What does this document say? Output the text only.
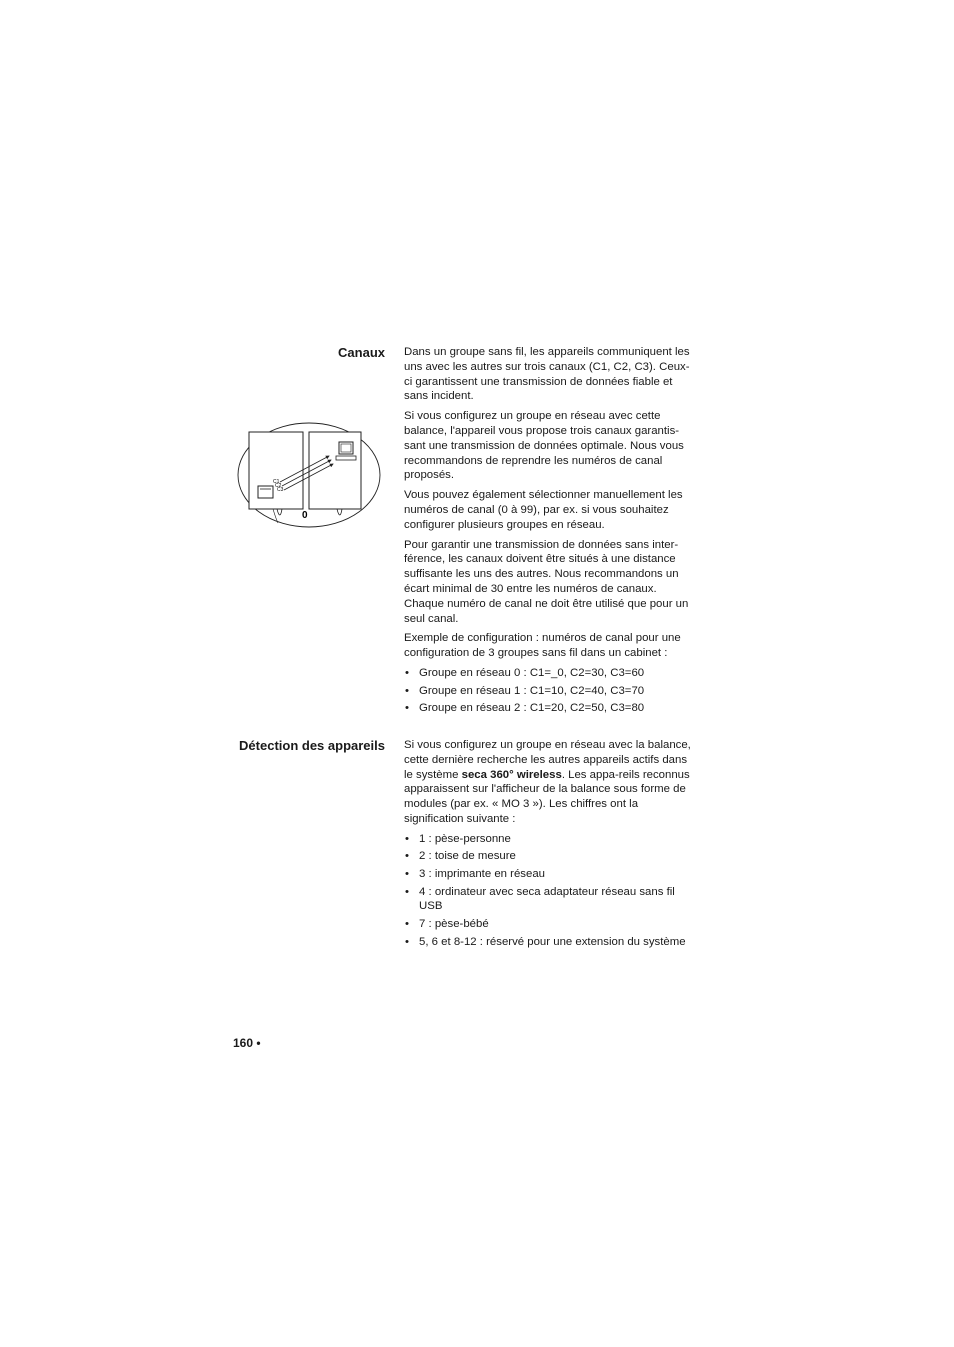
Canaux Dans un groupe sans fil, les appareils communiquent les uns avec les autres sur trois canaux (C1, C2, C3). Ceux-ci garantissent une transmission de données fiable et sans incident.

Si vous configurez un groupe en réseau avec cette balance, l'appareil vous propose trois canaux garantis-sant une transmission de données optimale. Nous vous recommandons de reprendre les numéros de canal proposés.

Vous pouvez également sélectionner manuellement les numéros de canal (0 à 99), par ex. si vous souhaitez configurer plusieurs groupes en réseau.

Pour garantir une transmission de données sans inter-férence, les canaux doivent être situés à une distance suffisante les uns des autres. Nous recommandons un écart minimal de 30 entre les numéros de canaux. Chaque numéro de canal ne doit être utilisé que pour un seul canal.

Exemple de configuration : numéros de canal pour une configuration de 3 groupes sans fil dans un cabinet :

• Groupe en réseau 0 : C1=_0, C2=30, C3=60
• Groupe en réseau 1 : C1=10, C2=40, C3=70
• Groupe en réseau 2 : C1=20, C2=50, C3=80
C1
C2
C3
0
Détection des appareils Si vous configurez un groupe en réseau avec la balance, cette dernière recherche les autres appareils actifs dans le système seca 360° wireless. Les appa-reils reconnus apparaissent sur l'afficheur de la balance sous forme de modules (par ex. « MO 3 »). Les chiffres ont la signification suivante :

• 1 : pèse-personne
• 2 : toise de mesure
• 3 : imprimante en réseau
• 4 : ordinateur avec seca adaptateur réseau sans fil USB
• 7 : pèse-bébé
• 5, 6 et 8-12 : réservé pour une extension du système
160 •
